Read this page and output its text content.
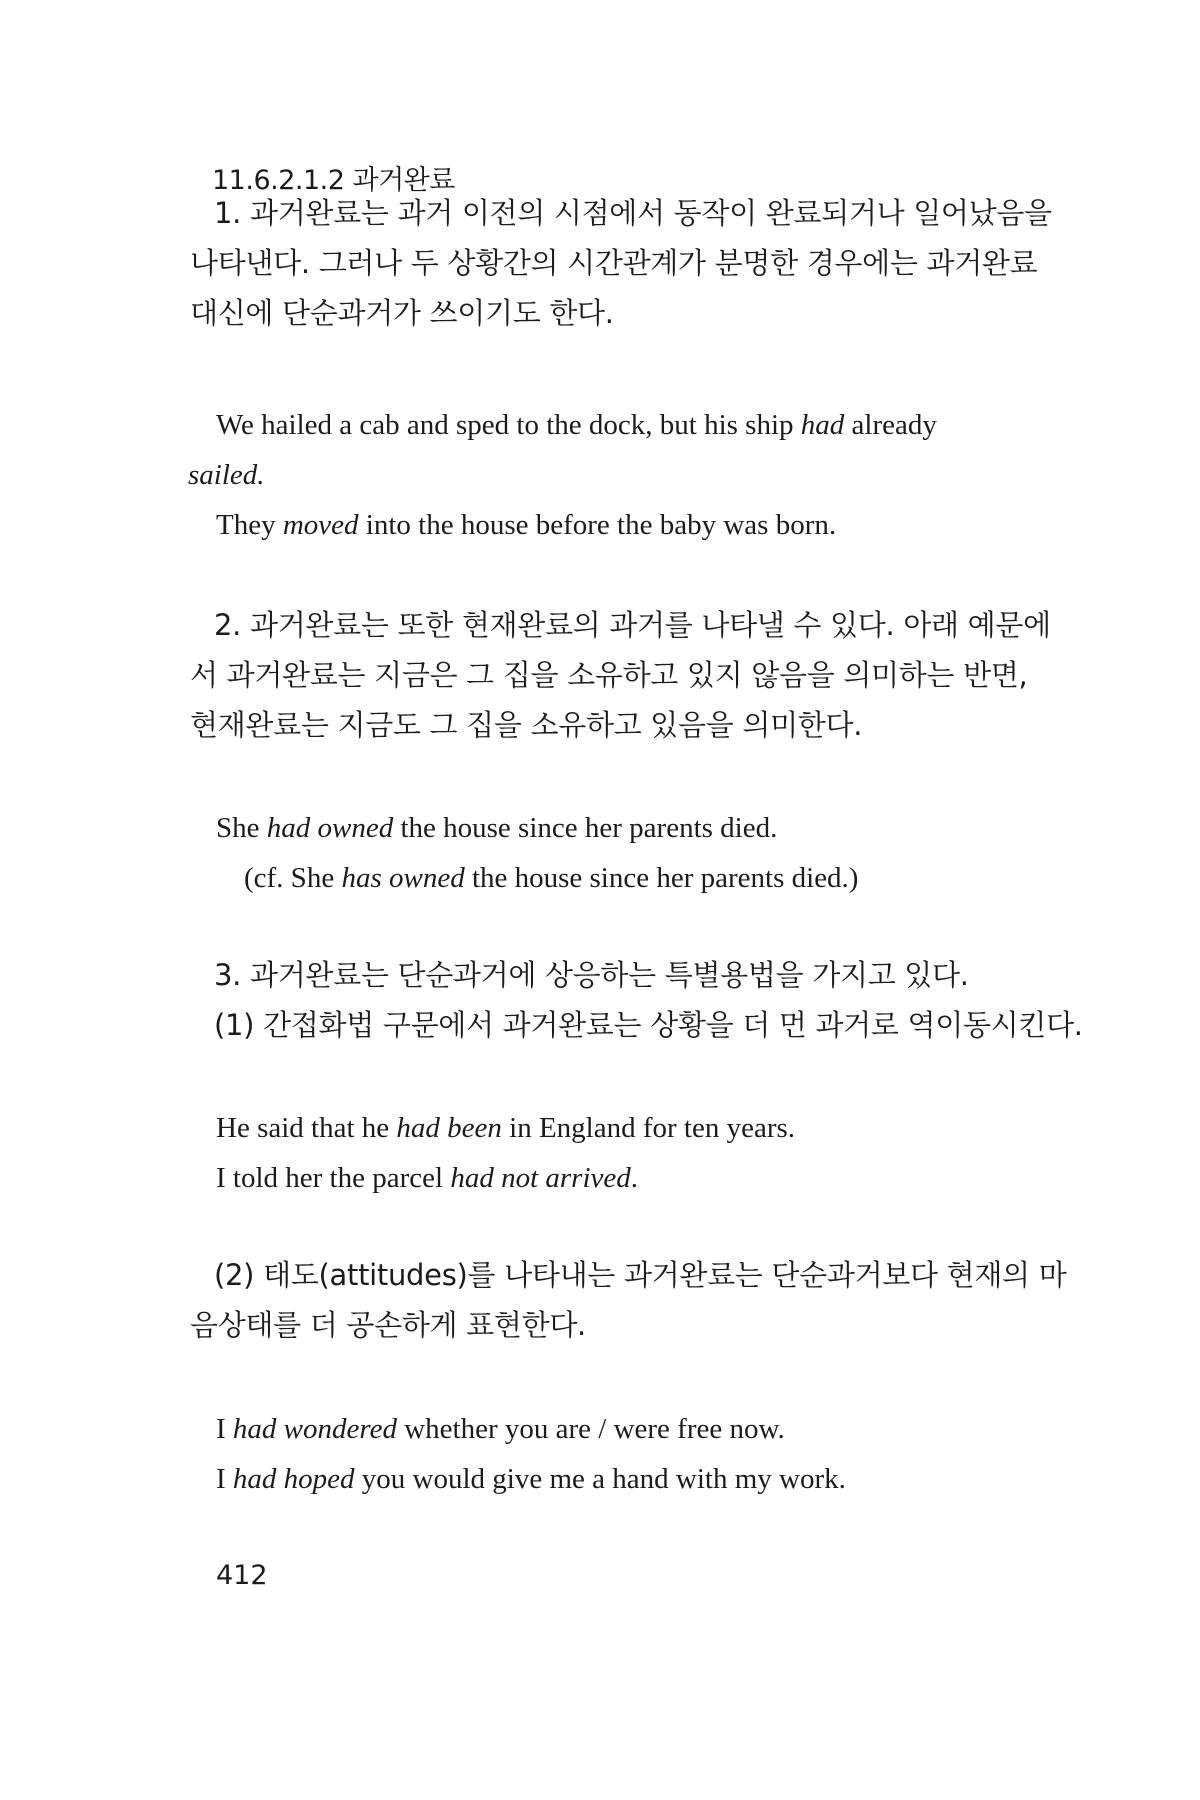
11.6.2.1.2 과거완료
1. 과거완료는 과거 이전의 시점에서 동작이 완료되거나 일어났음을
나타낸다. 그러나 두 상황간의 시간관계가 분명한 경우에는 과거완료
대신에 단순과거가 쓰이기도 한다.
We hailed a cab and sped to the dock, but his ship had already
sailed.
They moved into the house before the baby was born.
2. 과거완료는 또한 현재완료의 과거를 나타낼 수 있다. 아래 예문에
서 과거완료는 지금은 그 집을 소유하고 있지 않음을 의미하는 반면,
현재완료는 지금도 그 집을 소유하고 있음을 의미한다.
She had owned the house since her parents died.
(cf. She has owned the house since her parents died.)
3. 과거완료는 단순과거에 상응하는 특별용법을 가지고 있다.
(1) 간접화법 구문에서 과거완료는 상황을 더 먼 과거로 역이동시킨다.
He said that he had been in England for ten years.
I told her the parcel had not arrived.
(2) 태도(attitudes)를 나타내는 과거완료는 단순과거보다 현재의 마
음상태를 더 공손하게 표현한다.
I had wondered whether you are / were free now.
I had hoped you would give me a hand with my work.
412
